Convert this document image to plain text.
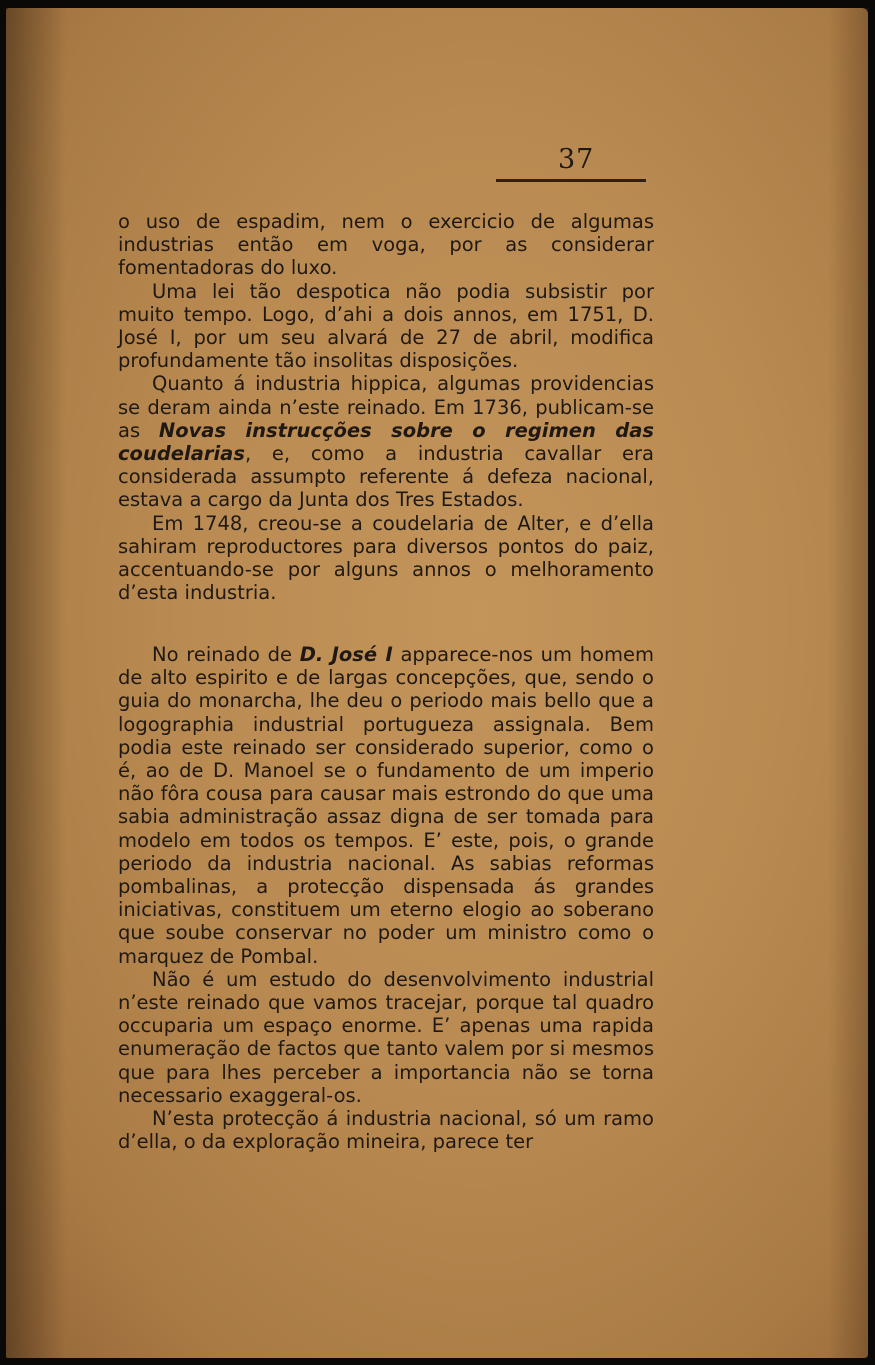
37

o uso de espadim, nem o exercicio de algumas industrias então em voga, por as considerar fomentadoras do luxo.

Uma lei tão despotica não podia subsistir por muito tempo. Logo, d’ahi a dois annos, em 1751, D. José I, por um seu alvará de 27 de abril, modifica profundamente tão insolitas disposições.

Quanto á industria hippica, algumas providencias se deram ainda n’este reinado. Em 1736, publicam-se as Novas instrucções sobre o regimen das coudelarias, e, como a industria cavallar era considerada assumpto referente á defeza nacional, estava a cargo da Junta dos Tres Estados.

Em 1748, creou-se a coudelaria de Alter, e d’ella sahiram reproductores para diversos pontos do paiz, accentuando-se por alguns annos o melhoramento d’esta industria.

No reinado de D. José I apparece-nos um homem de alto espirito e de largas concepções, que, sendo o guia do monarcha, lhe deu o periodo mais bello que a logographia industrial portugueza assignala. Bem podia este reinado ser considerado superior, como o é, ao de D. Manoel se o fundamento de um imperio não fôra cousa para causar mais estrondo do que uma sabia administração assaz digna de ser tomada para modelo em todos os tempos. E’ este, pois, o grande periodo da industria nacional. As sabias reformas pombalinas, a protecção dispensada ás grandes iniciativas, constituem um eterno elogio ao soberano que soube conservar no poder um ministro como o marquez de Pombal.

Não é um estudo do desenvolvimento industrial n’este reinado que vamos tracejar, porque tal quadro occuparia um espaço enorme. E’ apenas uma rapida enumeração de factos que tanto valem por si mesmos que para lhes perceber a importancia não se torna necessario exaggeral-os.

N’esta protecção á industria nacional, só um ramo d’ella, o da exploração mineira, parece ter
